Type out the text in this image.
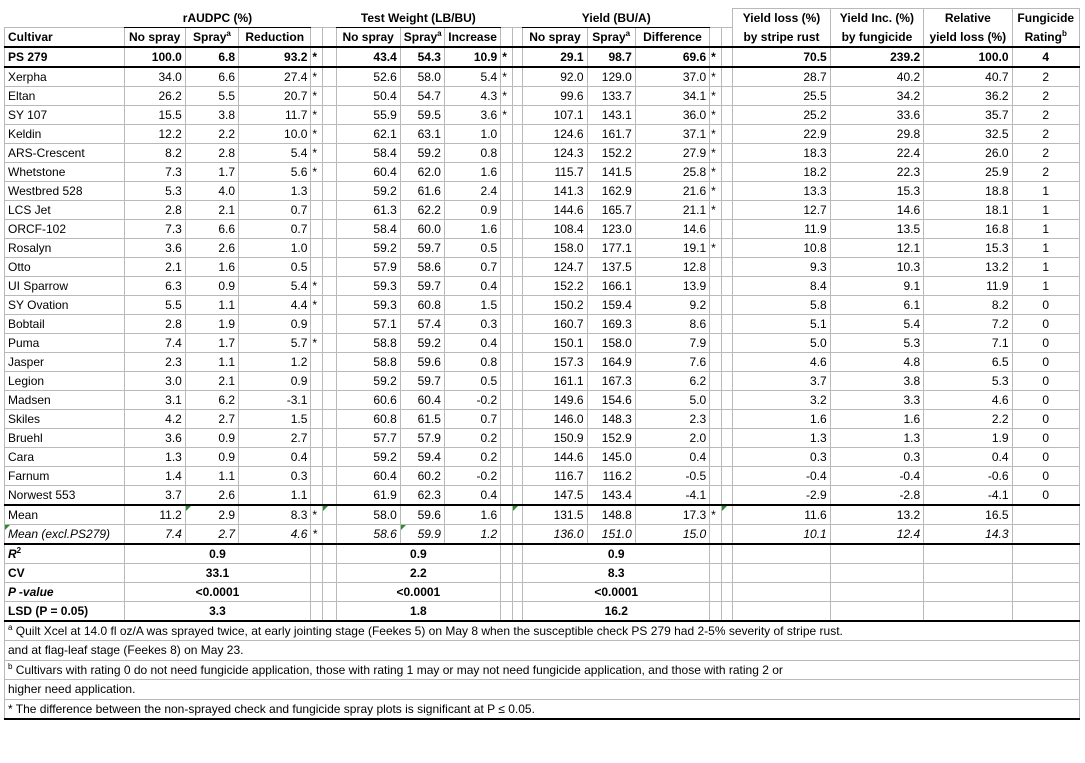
	rAUDPC (%)					Test Weight (LB/BU)					Yield (BU/A)					Yield loss (%)	Yield Inc. (%)	Relative	Fungicide
Cultivar	No spray	Spray$^a$	Reduction			No spray	Spray$^a$	Increase			No spray	Spray$^a$	Difference			by stripe rust	by fungicide	yield loss (%)	Rating$^b$
PS 279	100.0	6.8	93.2	*		43.4	54.3	10.9	*		29.1	98.7	69.6	*		70.5	239.2	100.0	4
Xerpha	34.0	6.6	27.4	*		52.6	58.0	5.4	*		92.0	129.0	37.0	*		28.7	40.2	40.7	2
Eltan	26.2	5.5	20.7	*		50.4	54.7	4.3	*		99.6	133.7	34.1	*		25.5	34.2	36.2	2
SY 107	15.5	3.8	11.7	*		55.9	59.5	3.6	*		107.1	143.1	36.0	*		25.2	33.6	35.7	2
Keldin	12.2	2.2	10.0	*		62.1	63.1	1.0			124.6	161.7	37.1	*		22.9	29.8	32.5	2
ARS-Crescent	8.2	2.8	5.4	*		58.4	59.2	0.8			124.3	152.2	27.9	*		18.3	22.4	26.0	2
Whetstone	7.3	1.7	5.6	*		60.4	62.0	1.6			115.7	141.5	25.8	*		18.2	22.3	25.9	2
Westbred 528	5.3	4.0	1.3			59.2	61.6	2.4			141.3	162.9	21.6	*		13.3	15.3	18.8	1
LCS Jet	2.8	2.1	0.7			61.3	62.2	0.9			144.6	165.7	21.1	*		12.7	14.6	18.1	1
ORCF-102	7.3	6.6	0.7			58.4	60.0	1.6			108.4	123.0	14.6			11.9	13.5	16.8	1
Rosalyn	3.6	2.6	1.0			59.2	59.7	0.5			158.0	177.1	19.1	*		10.8	12.1	15.3	1
Otto	2.1	1.6	0.5			57.9	58.6	0.7			124.7	137.5	12.8			9.3	10.3	13.2	1
UI Sparrow	6.3	0.9	5.4	*		59.3	59.7	0.4			152.2	166.1	13.9			8.4	9.1	11.9	1
SY Ovation	5.5	1.1	4.4	*		59.3	60.8	1.5			150.2	159.4	9.2			5.8	6.1	8.2	0
Bobtail	2.8	1.9	0.9			57.1	57.4	0.3			160.7	169.3	8.6			5.1	5.4	7.2	0
Puma	7.4	1.7	5.7	*		58.8	59.2	0.4			150.1	158.0	7.9			5.0	5.3	7.1	0
Jasper	2.3	1.1	1.2			58.8	59.6	0.8			157.3	164.9	7.6			4.6	4.8	6.5	0
Legion	3.0	2.1	0.9			59.2	59.7	0.5			161.1	167.3	6.2			3.7	3.8	5.3	0
Madsen	3.1	6.2	-3.1			60.6	60.4	-0.2			149.6	154.6	5.0			3.2	3.3	4.6	0
Skiles	4.2	2.7	1.5			60.8	61.5	0.7			146.0	148.3	2.3			1.6	1.6	2.2	0
Bruehl	3.6	0.9	2.7			57.7	57.9	0.2			150.9	152.9	2.0			1.3	1.3	1.9	0
Cara	1.3	0.9	0.4			59.2	59.4	0.2			144.6	145.0	0.4			0.3	0.3	0.4	0
Farnum	1.4	1.1	0.3			60.4	60.2	-0.2			116.7	116.2	-0.5			-0.4	-0.4	-0.6	0
Norwest 553	3.7	2.6	1.1			61.9	62.3	0.4			147.5	143.4	-4.1			-2.9	-2.8	-4.1	0
Mean	11.2	2.9	8.3	*		58.0	59.6	1.6			131.5	148.8	17.3	*		11.6	13.2	16.5	
Mean (excl.PS279)	7.4	2.7	4.6	*		58.6	59.9	1.2			136.0	151.0	15.0			10.1	12.4	14.3	
$R^2$	0.9					0.9					0.9								
CV	33.1					2.2					8.3								
P -value	<0.0001					<0.0001					<0.0001								
LSD (P = 0.05)	3.3					1.8					16.2								
$^a$ Quilt Xcel at 14.0 fl oz/A was sprayed twice, at early jointing stage (Feekes 5) on May 8 when the susceptible check PS 279 had 2-5% severity of stripe rust.																			
and at flag-leaf stage (Feekes 8) on May 23.																			
$^b$ Cultivars with rating 0 do not need fungicide application, those with rating 1 may or may not need fungicide application, and those with rating 2 or																			
higher need application.																			
* The difference between the non-sprayed check and fungicide spray plots is significant at P ≤ 0.05.																			
